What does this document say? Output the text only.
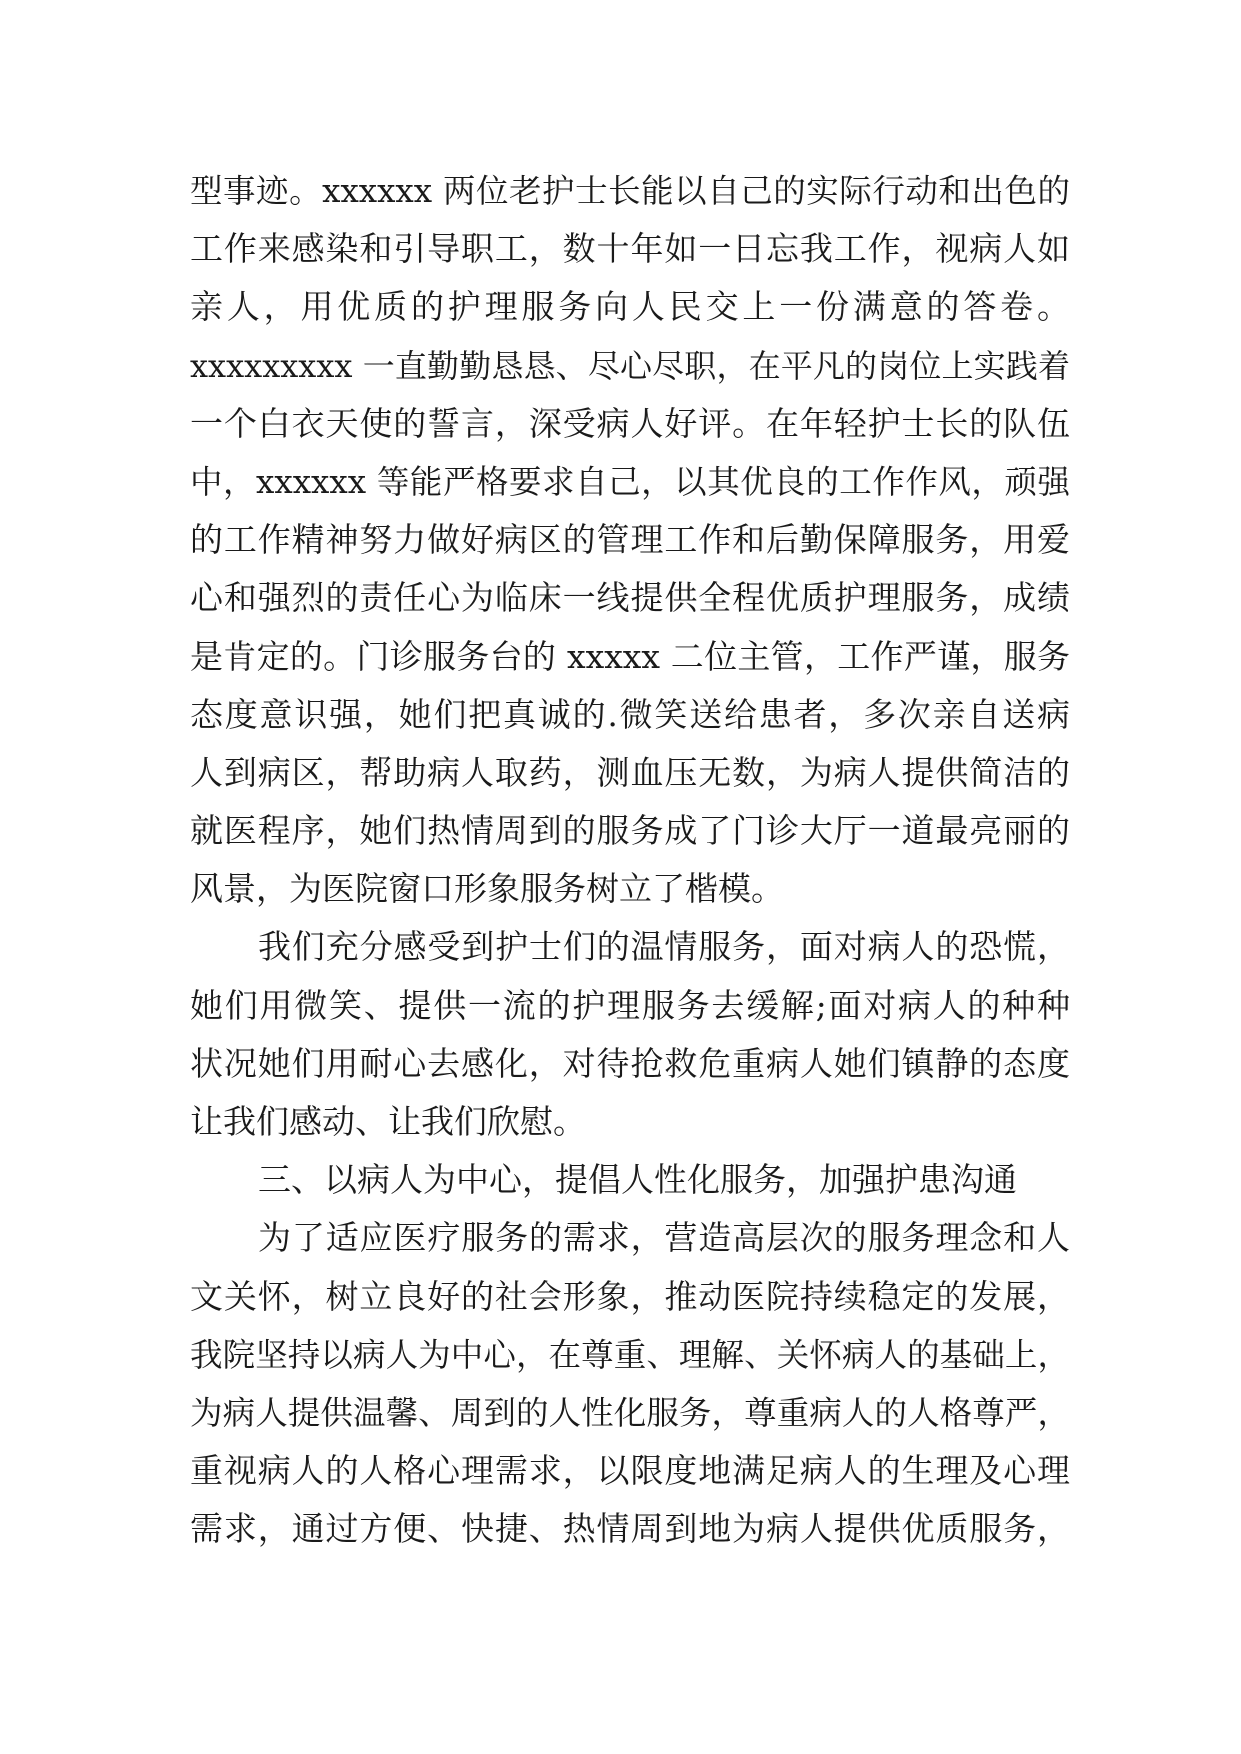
型事迹。xxxxxx 两位老护士长能以自己的实际行动和出色的
工作来感染和引导职工，数十年如一日忘我工作，视病人如
亲人，用优质的护理服务向人民交上一份满意的答卷。
xxxxxxxxx 一直勤勤恳恳、尽心尽职，在平凡的岗位上实践着
一个白衣天使的誓言，深受病人好评。在年轻护士长的队伍
中，xxxxxx 等能严格要求自己，以其优良的工作作风，顽强
的工作精神努力做好病区的管理工作和后勤保障服务，用爱
心和强烈的责任心为临床一线提供全程优质护理服务，成绩
是肯定的。门诊服务台的 xxxxx 二位主管，工作严谨，服务
态度意识强，她们把真诚的.微笑送给患者，多次亲自送病
人到病区，帮助病人取药，测血压无数，为病人提供简洁的
就医程序，她们热情周到的服务成了门诊大厅一道最亮丽的
风景，为医院窗口形象服务树立了楷模。
我们充分感受到护士们的温情服务，面对病人的恐慌，
她们用微笑、提供一流的护理服务去缓解;面对病人的种种
状况她们用耐心去感化，对待抢救危重病人她们镇静的态度
让我们感动、让我们欣慰。
三、以病人为中心，提倡人性化服务，加强护患沟通
为了适应医疗服务的需求，营造高层次的服务理念和人
文关怀，树立良好的社会形象，推动医院持续稳定的发展，
我院坚持以病人为中心，在尊重、理解、关怀病人的基础上，
为病人提供温馨、周到的人性化服务，尊重病人的人格尊严，
重视病人的人格心理需求，以限度地满足病人的生理及心理
需求，通过方便、快捷、热情周到地为病人提供优质服务，
